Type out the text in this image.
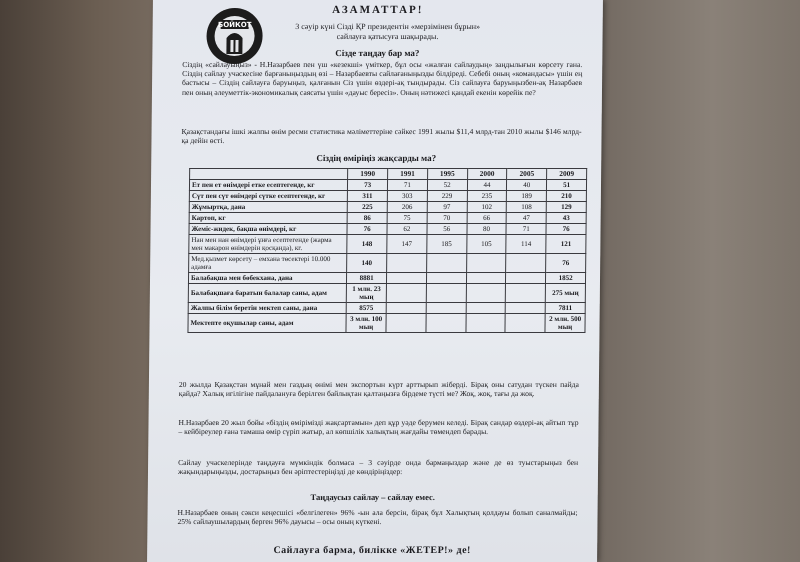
БОЙКОТ
АЗАМАТТАР!
3 сәуір күні Сізді ҚР президентін «мерзімінен бұрын» сайлауға қатысуға шақырады.
Сізде таңдау бар ма?
Сіздің «сайлауыңыз» - Н.Назарбаев пен үш «кезекші» үміткер, бұл осы «жалған сайлаудың» заңдылығын көрсету гана. Сіздің сайлау учаскесіне барғаныңыздың өзі – Назарбаевты сайлағаныңызды білдіреді. Себебі оның «командасы» үшін ең бастысы – Сіздің сайлауға баруыңыз, қалғанын Сіз үшін өздері-ақ тындырады. Сіз сайлауға баруыңызбен-ақ Назарбаев пен оның әлеуметтік-экономикалық саясаты үшін «дауыс бересіз». Оның нәтижесі қандай екенін көрейік пе?
Қазақстандағы ішкі жалпы өнім ресми статистика мәліметтеріне сәйкес 1991 жылы $11,4 млрд-тан 2010 жылы $146 млрд-қа дейін өсті.
Сіздің өміріңіз жақсарды ма?
	1990	1991	1995	2000	2005	2009
Ет пен ет өнімдері етке есептегенде, кг	73	71	52	44	40	51
Сүт пен сүт өнімдері сүтке есептегенде, кг	311	303	229	235	189	210
Жұмыртқа, дана	225	206	97	102	108	129
Картоп, кг	86	75	70	66	47	43
Жеміс-жидек, бақша өнімдері, кг	76	62	56	80	71	76
Нан мен нан өнімдері ұнға есептегенде (жарма мен макарон өнімдерін қосқанда), кг.	148	147	185	105	114	121
Мед.қызмет көрсету – емхана төсектері 10.000 адамға	140					76
Балабақша мен бөбекхана, дана	8881					1852
Балабақшаға баратын балалар саны, адам	1 млн. 23 мың					275 мың
Жалпы білім беретін мектеп саны, дана	8575					7811
Мектепте оқушылар саны, адам	3 млн. 100 мың					2 млн. 500 мың
20 жылда Қазақстан мұнай мен газдың өнімі мен экспортын күрт арттырып жіберді. Бірақ оны сатудан түскен пайда қайда? Халық игілігіне пайдалануға берілген байлықтан қалтаңызға бірдеме түсті ме? Жоқ, жоқ, тағы да жоқ.
Н.Назарбаев 20 жыл бойы «біздің өмірімізді жақсартамын» деп құр уәде берумен келеді. Бірақ сандар өздері-ақ айтып тұр – кейбіреулер ғана тамаша өмір сүріп жатыр, ал көпшілік халықтың жағдайы төмендеп барады.
Сайлау учаскелерінде таңдауға мүмкіндік болмаса – 3 сәуірде онда бармаңыздар және де өз туыстарыңыз бен жақындарыңызды, достарыңыз бен әріптестеріңізді де көндіріңіздер:
Таңдаусыз сайлау – сайлау емес.
Н.Назарбаев оның сәкси кеңесшісі «белгілеген» 96% -ын ала берсін, бірақ бұл Халықтың қолдауы болып саналмайды; 25% сайлаушылардың берген 96% дауысы – осы оның күткені.
Сайлауға бармa, билікке «ЖЕТЕР!» де!
